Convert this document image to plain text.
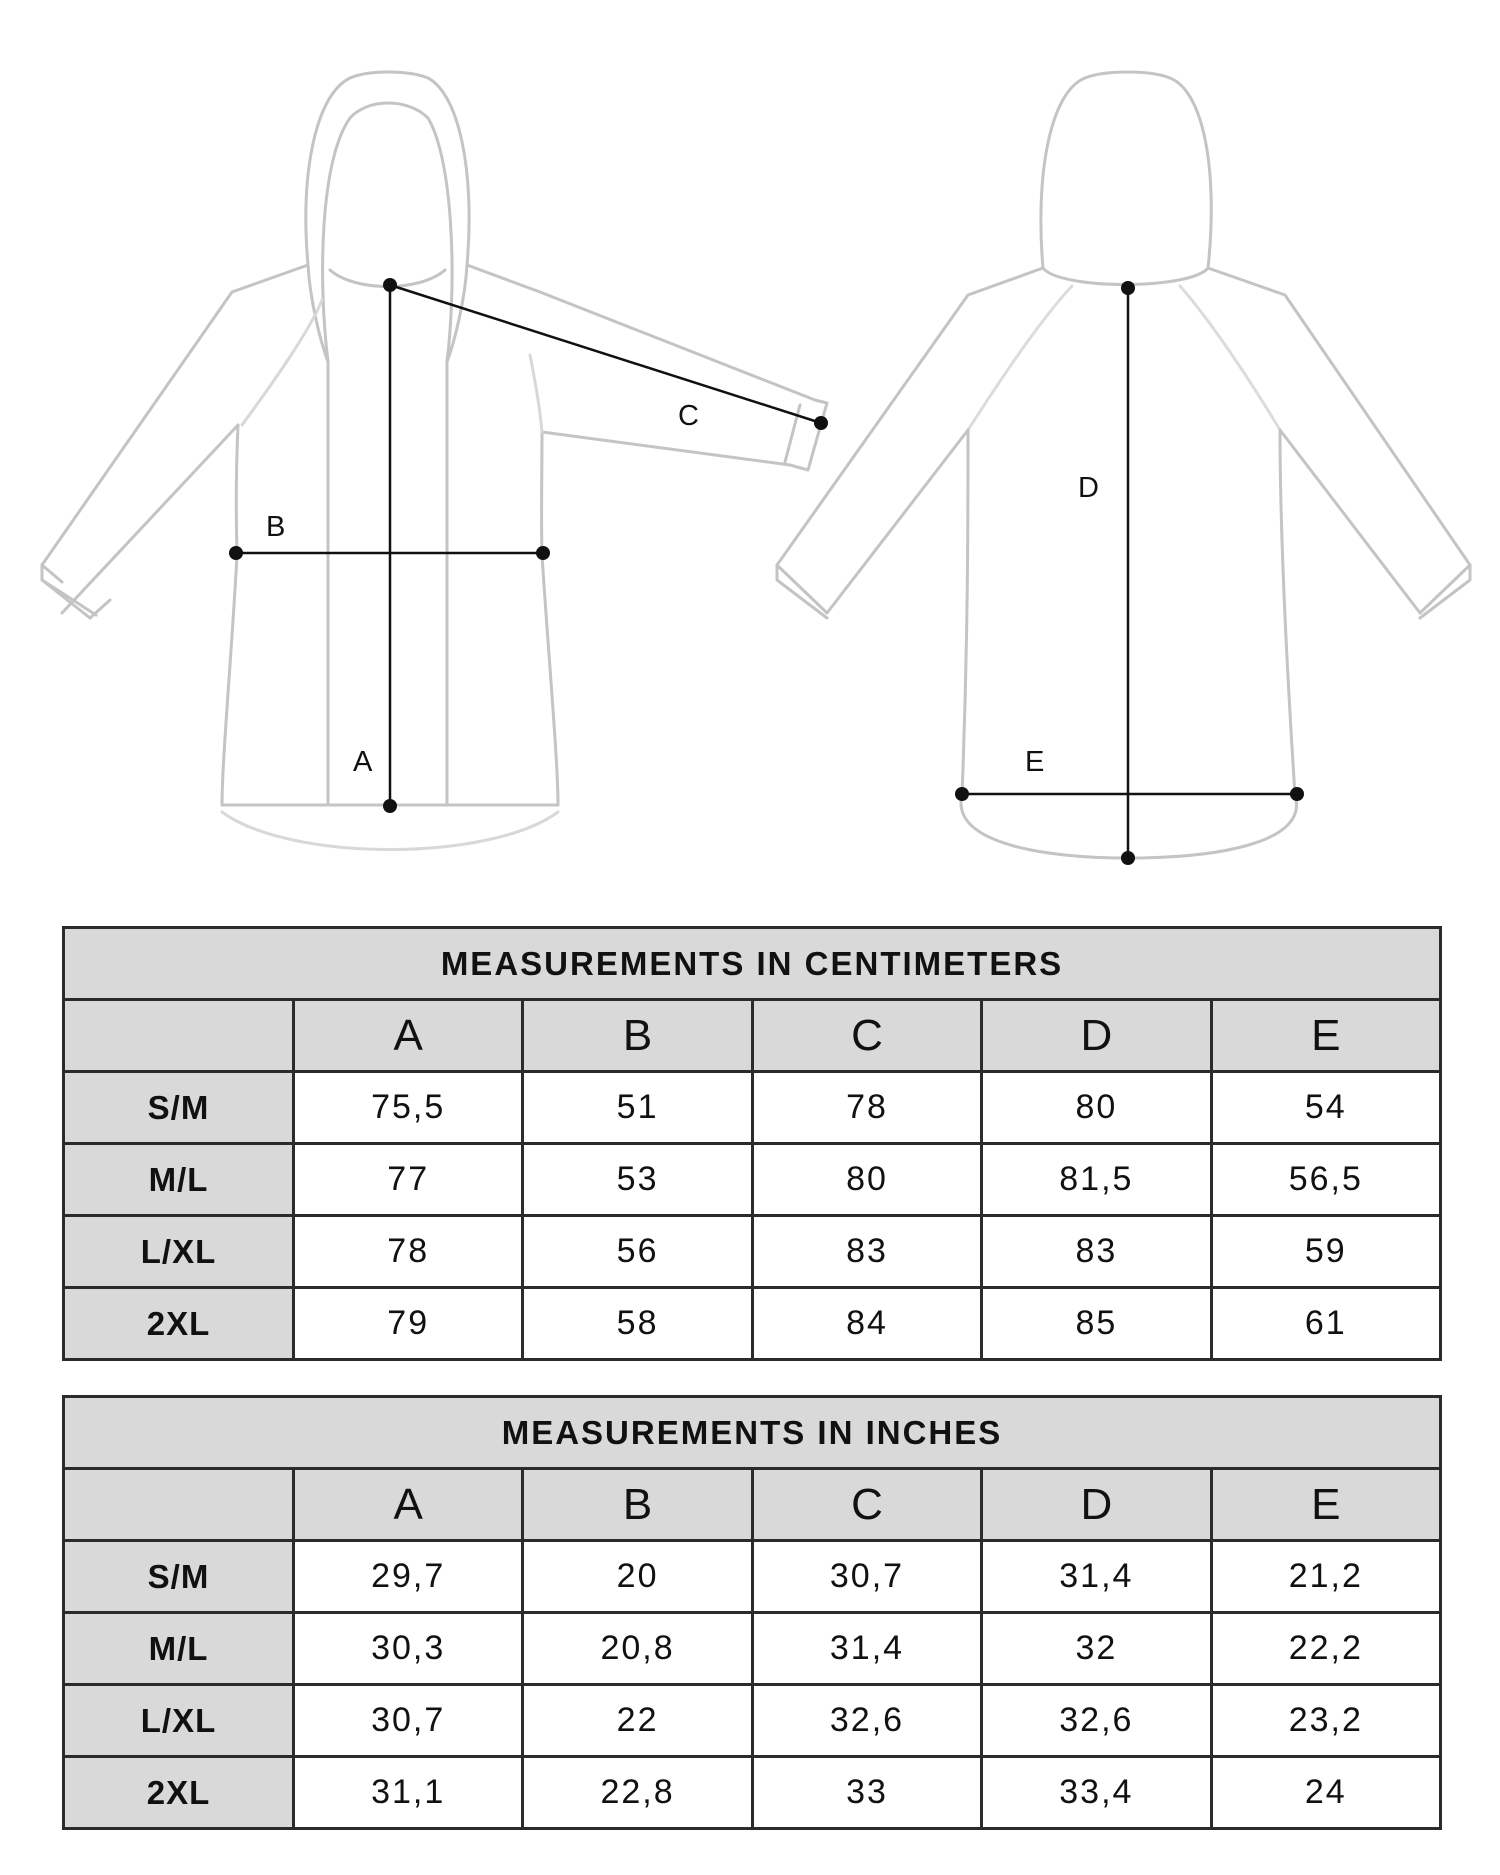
A
B
C
D
E
MEASUREMENTS IN CENTIMETERS					
	A	B	C	D	E
S/M	75,5	51	78	80	54
M/L	77	53	80	81,5	56,5
L/XL	78	56	83	83	59
2XL	79	58	84	85	61
MEASUREMENTS IN INCHES					
	A	B	C	D	E
S/M	29,7	20	30,7	31,4	21,2
M/L	30,3	20,8	31,4	32	22,2
L/XL	30,7	22	32,6	32,6	23,2
2XL	31,1	22,8	33	33,4	24
